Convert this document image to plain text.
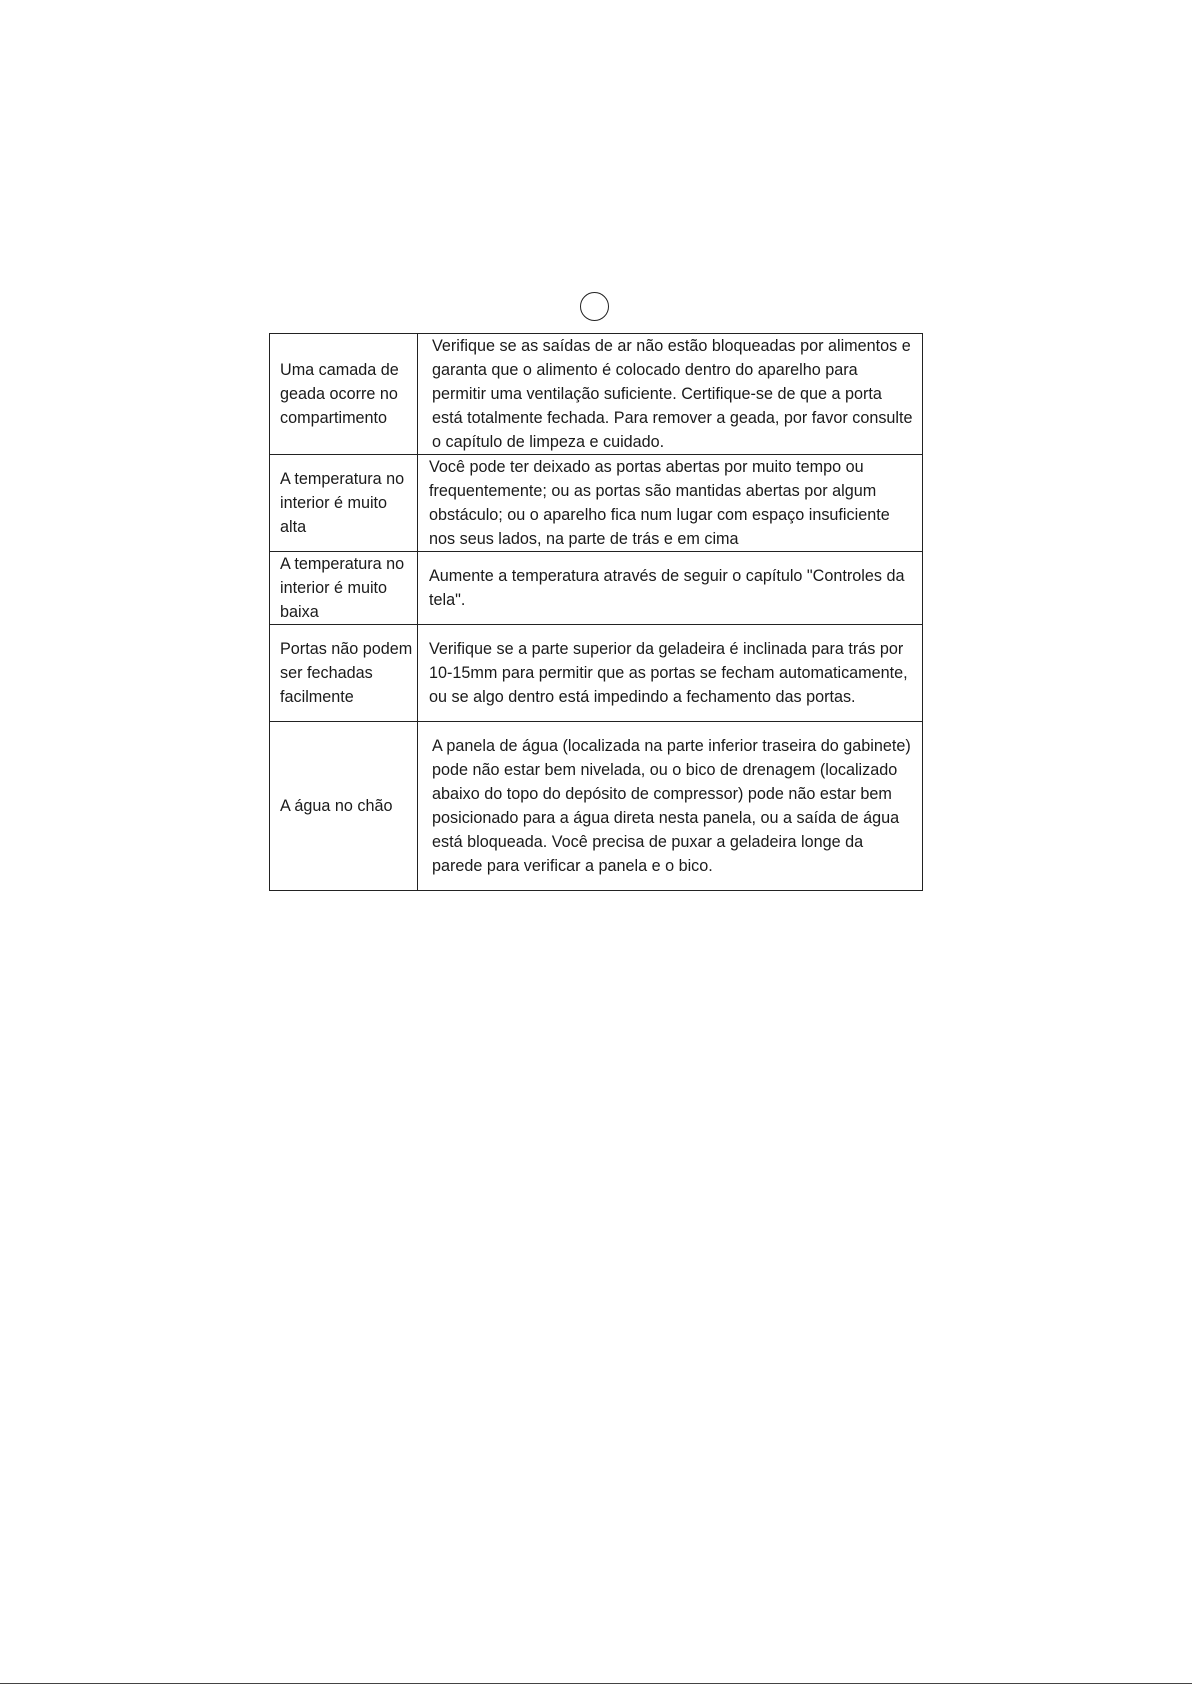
Uma camada de geada ocorre no compartimento	Verifique se as saídas de ar não estão bloqueadas por alimentos e garanta que o alimento é colocado dentro do aparelho para permitir uma ventilação suficiente. Certifique-se de que a porta está totalmente fechada. Para remover a geada, por favor consulte o capítulo de limpeza e cuidado.

A temperatura no interior é muito alta	Você pode ter deixado as portas abertas por muito tempo ou frequentemente; ou as portas são mantidas abertas por algum obstáculo; ou o aparelho fica num lugar com espaço insuficiente nos seus lados, na parte de trás e em cima

A temperatura no interior é muito baixa	Aumente a temperatura através de seguir o capítulo "Controles da tela".

Portas não podem ser fechadas facilmente	Verifique se a parte superior da geladeira é inclinada para trás por 10-15mm para permitir que as portas se fecham automaticamente, ou se algo dentro está impedindo a fechamento das portas.

A água no chão	A panela de água (localizada na parte inferior traseira do gabinete) pode não estar bem nivelada, ou o bico de drenagem (localizado abaixo do topo do depósito de compressor) pode não estar bem posicionado para a água direta nesta panela, ou a saída de água está bloqueada. Você precisa de puxar a geladeira longe da parede para verificar a panela e o bico.
